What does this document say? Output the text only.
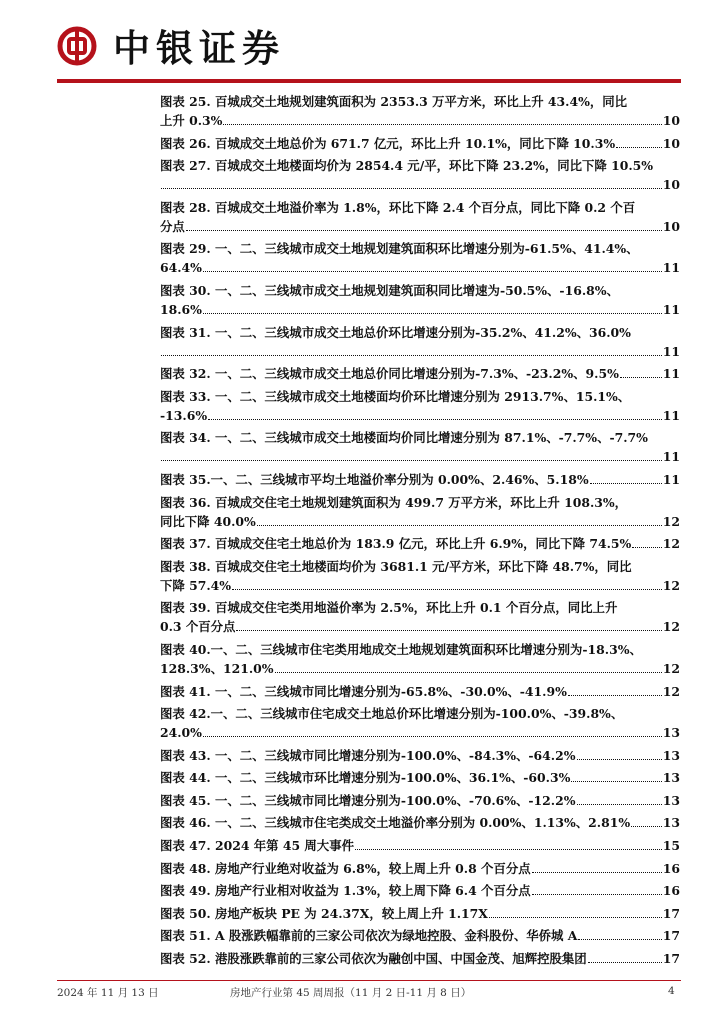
中银证券
图表 25. 百城成交土地规划建筑面积为 2353.3 万平方米，环比上升 43.4%，同比
上升 0.3%	10
图表 26. 百城成交土地总价为 671.7 亿元，环比上升 10.1%，同比下降 10.3%	10
图表 27. 百城成交土地楼面均价为 2854.4 元/平，环比下降 23.2%，同比下降 10.5%
10
图表 28. 百城成交土地溢价率为 1.8%，环比下降 2.4 个百分点，同比下降 0.2 个百
分点	10
图表 29. 一、二、三线城市成交土地规划建筑面积环比增速分别为-61.5%、41.4%、
64.4%	11
图表 30. 一、二、三线城市成交土地规划建筑面积同比增速为-50.5%、-16.8%、
18.6%	11
图表 31. 一、二、三线城市成交土地总价环比增速分别为-35.2%、41.2%、36.0%
11
图表 32. 一、二、三线城市成交土地总价同比增速分别为-7.3%、-23.2%、9.5%	11
图表 33. 一、二、三线城市成交土地楼面均价环比增速分别为 2913.7%、15.1%、
-13.6%	11
图表 34. 一、二、三线城市成交土地楼面均价同比增速分别为 87.1%、-7.7%、-7.7%
11
图表 35.一、二、三线城市平均土地溢价率分别为 0.00%、2.46%、5.18%	11
图表 36. 百城成交住宅土地规划建筑面积为 499.7 万平方米，环比上升 108.3%，
同比下降 40.0%	12
图表 37. 百城成交住宅土地总价为 183.9 亿元，环比上升 6.9%，同比下降 74.5%	12
图表 38. 百城成交住宅土地楼面均价为 3681.1 元/平方米，环比下降 48.7%，同比
下降 57.4%	12
图表 39. 百城成交住宅类用地溢价率为 2.5%，环比上升 0.1 个百分点，同比上升
0.3 个百分点	12
图表 40.一、二、三线城市住宅类用地成交土地规划建筑面积环比增速分别为-18.3%、
128.3%、121.0%	12
图表 41. 一、二、三线城市同比增速分别为-65.8%、-30.0%、-41.9%	12
图表 42.一、二、三线城市住宅成交土地总价环比增速分别为-100.0%、-39.8%、
24.0%	13
图表 43. 一、二、三线城市同比增速分别为-100.0%、-84.3%、-64.2%	13
图表 44. 一、二、三线城市环比增速分别为-100.0%、36.1%、-60.3%	13
图表 45. 一、二、三线城市同比增速分别为-100.0%、-70.6%、-12.2%	13
图表 46. 一、二、三线城市住宅类成交土地溢价率分别为 0.00%、1.13%、2.81%	13
图表 47. 2024 年第 45 周大事件	15
图表 48. 房地产行业绝对收益为 6.8%，较上周上升 0.8 个百分点	16
图表 49. 房地产行业相对收益为 1.3%，较上周下降 6.4 个百分点	16
图表 50. 房地产板块 PE 为 24.37X，较上周上升 1.17X	17
图表 51. A 股涨跌幅靠前的三家公司依次为绿地控股、金科股份、华侨城 A	17
图表 52. 港股涨跌靠前的三家公司依次为融创中国、中国金茂、旭辉控股集团	17
2024 年 11 月 13 日	房地产行业第 45 周周报（11 月 2 日-11 月 8 日）	4
